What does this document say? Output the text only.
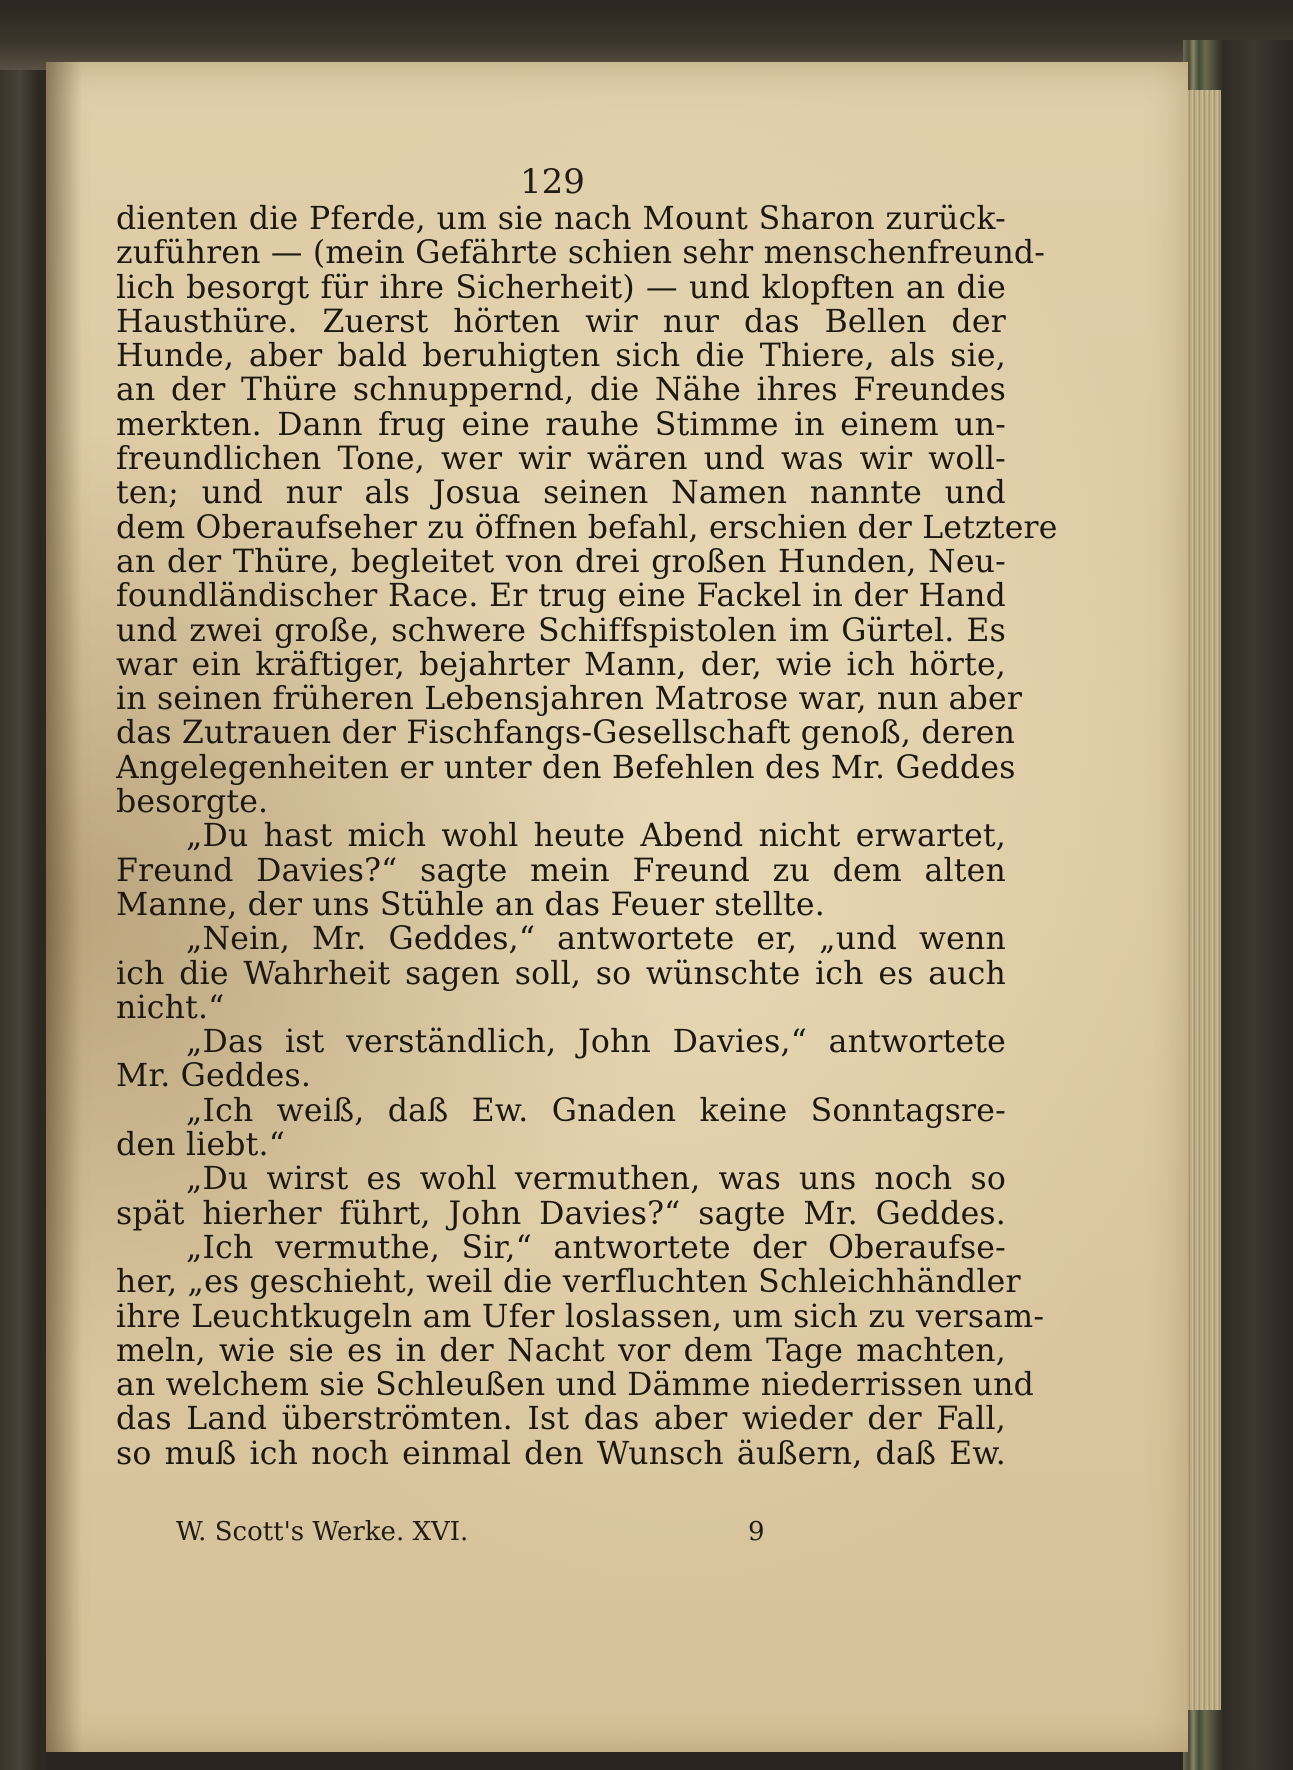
129
dienten die Pferde, um sie nach Mount Sharon zurück-
zuführen — (mein Gefährte schien sehr menschenfreund-
lich besorgt für ihre Sicherheit) — und klopften an die
Hausthüre. Zuerst hörten wir nur das Bellen der
Hunde, aber bald beruhigten sich die Thiere, als sie,
an der Thüre schnuppernd, die Nähe ihres Freundes
merkten. Dann frug eine rauhe Stimme in einem un-
freundlichen Tone, wer wir wären und was wir woll-
ten; und nur als Josua seinen Namen nannte und
dem Oberaufseher zu öffnen befahl, erschien der Letztere
an der Thüre, begleitet von drei großen Hunden, Neu-
foundländischer Race. Er trug eine Fackel in der Hand
und zwei große, schwere Schiffspistolen im Gürtel. Es
war ein kräftiger, bejahrter Mann, der, wie ich hörte,
in seinen früheren Lebensjahren Matrose war, nun aber
das Zutrauen der Fischfangs-Gesellschaft genoß, deren
Angelegenheiten er unter den Befehlen des Mr. Geddes
besorgte.
„Du hast mich wohl heute Abend nicht erwartet,
Freund Davies?“ sagte mein Freund zu dem alten
Manne, der uns Stühle an das Feuer stellte.
„Nein, Mr. Geddes,“ antwortete er, „und wenn
ich die Wahrheit sagen soll, so wünschte ich es auch
nicht.“
„Das ist verständlich, John Davies,“ antwortete
Mr. Geddes.
„Ich weiß, daß Ew. Gnaden keine Sonntagsre-
den liebt.“
„Du wirst es wohl vermuthen, was uns noch so
spät hierher führt, John Davies?“ sagte Mr. Geddes.
„Ich vermuthe, Sir,“ antwortete der Oberaufse-
her, „es geschieht, weil die verfluchten Schleichhändler
ihre Leuchtkugeln am Ufer loslassen, um sich zu versam-
meln, wie sie es in der Nacht vor dem Tage machten,
an welchem sie Schleußen und Dämme niederrissen und
das Land überströmten. Ist das aber wieder der Fall,
so muß ich noch einmal den Wunsch äußern, daß Ew.
W. Scott's Werke. XVI.	9
